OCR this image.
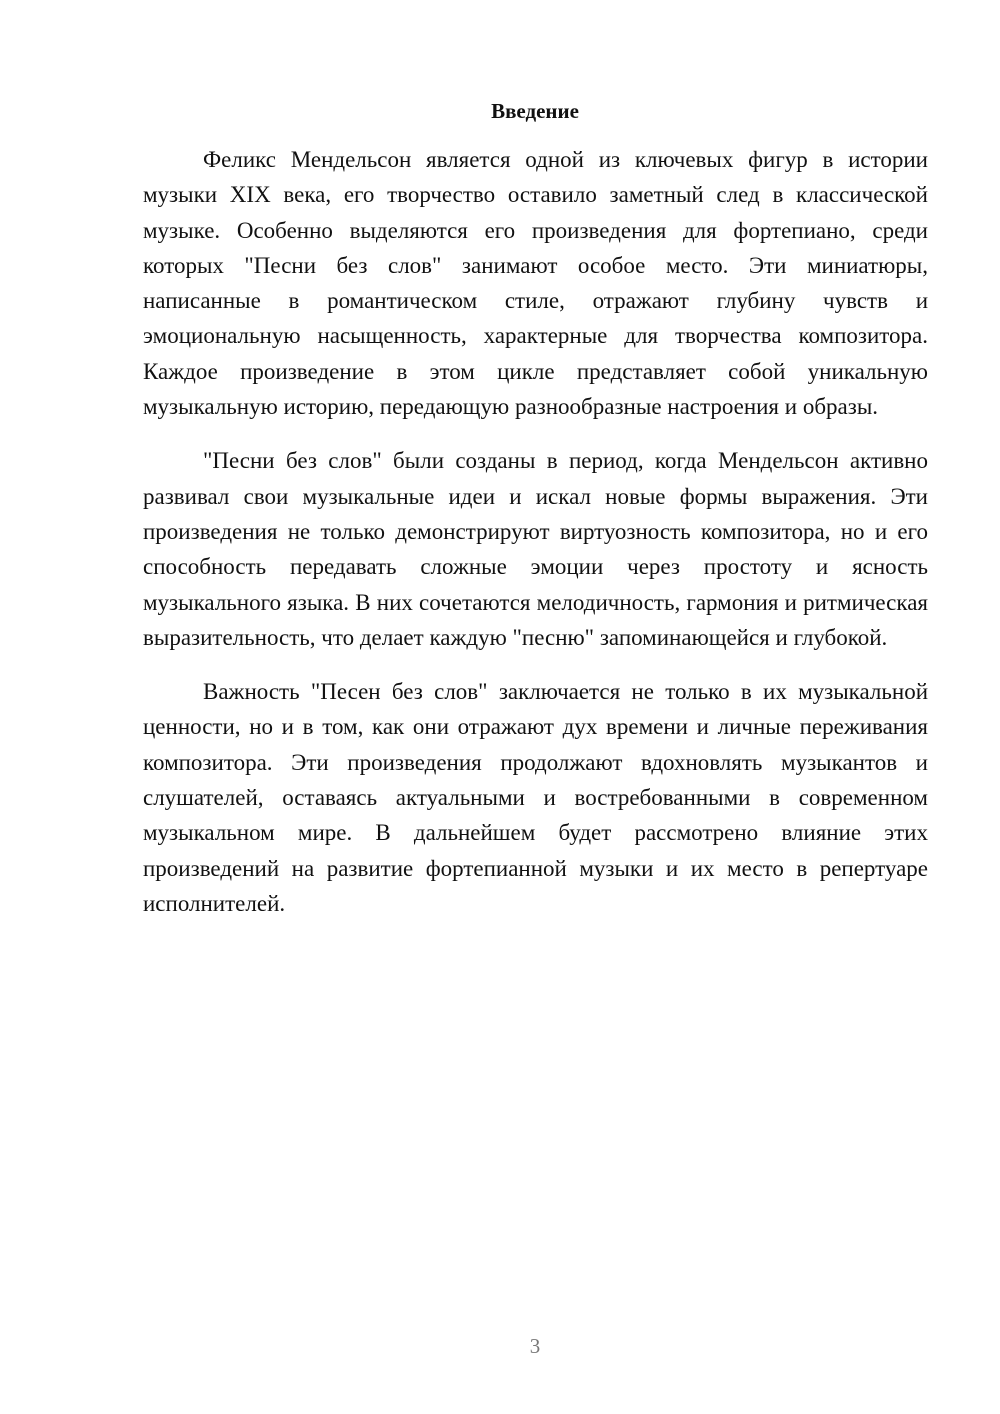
Введение

Феликс Мендельсон является одной из ключевых фигур в истории музыки XIX века, его творчество оставило заметный след в классической музыке. Особенно выделяются его произведения для фортепиано, среди которых "Песни без слов" занимают особое место. Эти миниатюры, написанные в романтическом стиле, отражают глубину чувств и эмоциональную насыщенность, характерные для творчества композитора. Каждое произведение в этом цикле представляет собой уникальную музыкальную историю, передающую разнообразные настроения и образы.

"Песни без слов" были созданы в период, когда Мендельсон активно развивал свои музыкальные идеи и искал новые формы выражения. Эти произведения не только демонстрируют виртуозность композитора, но и его способность передавать сложные эмоции через простоту и ясность музыкального языка. В них сочетаются мелодичность, гармония и ритмическая выразительность, что делает каждую "песню" запоминающейся и глубокой.

Важность "Песен без слов" заключается не только в их музыкальной ценности, но и в том, как они отражают дух времени и личные переживания композитора. Эти произведения продолжают вдохновлять музыкантов и слушателей, оставаясь актуальными и востребованными в современном музыкальном мире. В дальнейшем будет рассмотрено влияние этих произведений на развитие фортепианной музыки и их место в репертуаре исполнителей.

3
